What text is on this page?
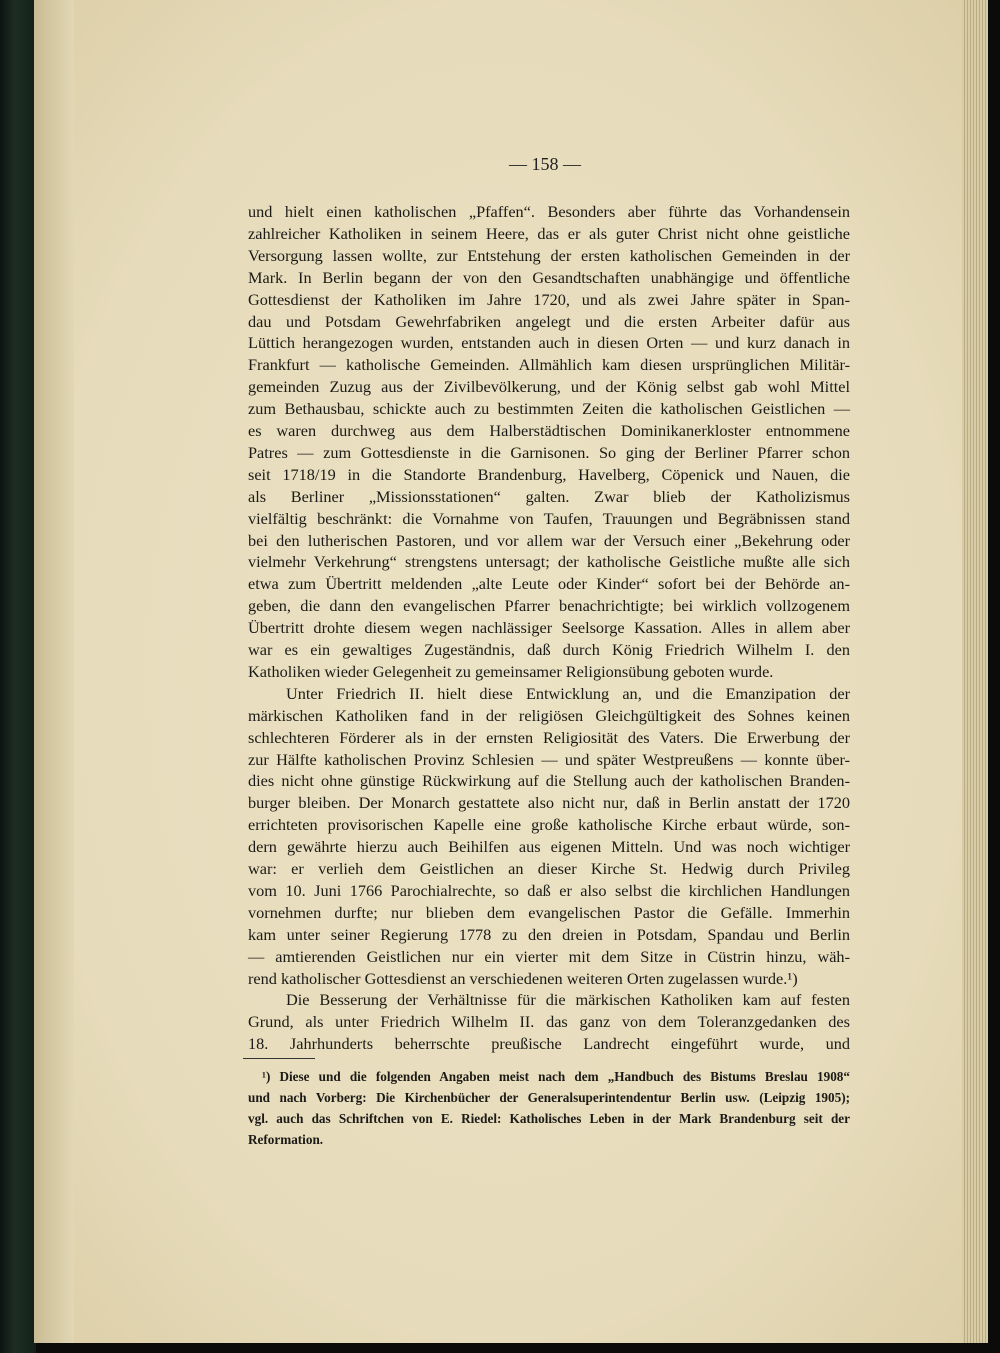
— 158 —
und hielt einen katholischen „Pfaffen“. Besonders aber führte das Vorhandensein
zahlreicher Katholiken in seinem Heere, das er als guter Christ nicht ohne geistliche
Versorgung lassen wollte, zur Entstehung der ersten katholischen Gemeinden in der
Mark. In Berlin begann der von den Gesandtschaften unabhängige und öffentliche
Gottesdienst der Katholiken im Jahre 1720, und als zwei Jahre später in Span-
dau und Potsdam Gewehrfabriken angelegt und die ersten Arbeiter dafür aus
Lüttich herangezogen wurden, entstanden auch in diesen Orten — und kurz danach in
Frankfurt — katholische Gemeinden. Allmählich kam diesen ursprünglichen Militär-
gemeinden Zuzug aus der Zivilbevölkerung, und der König selbst gab wohl Mittel
zum Bethausbau, schickte auch zu bestimmten Zeiten die katholischen Geistlichen —
es waren durchweg aus dem Halberstädtischen Dominikanerkloster entnommene
Patres — zum Gottesdienste in die Garnisonen. So ging der Berliner Pfarrer schon
seit 1718/19 in die Standorte Brandenburg, Havelberg, Cöpenick und Nauen, die
als Berliner „Missionsstationen“ galten. Zwar blieb der Katholizismus
vielfältig beschränkt: die Vornahme von Taufen, Trauungen und Begräbnissen stand
bei den lutherischen Pastoren, und vor allem war der Versuch einer „Bekehrung oder
vielmehr Verkehrung“ strengstens untersagt; der katholische Geistliche mußte alle sich
etwa zum Übertritt meldenden „alte Leute oder Kinder“ sofort bei der Behörde an-
geben, die dann den evangelischen Pfarrer benachrichtigte; bei wirklich vollzogenem
Übertritt drohte diesem wegen nachlässiger Seelsorge Kassation. Alles in allem aber
war es ein gewaltiges Zugeständnis, daß durch König Friedrich Wilhelm I. den
Katholiken wieder Gelegenheit zu gemeinsamer Religionsübung geboten wurde.
Unter Friedrich II. hielt diese Entwicklung an, und die Emanzipation der
märkischen Katholiken fand in der religiösen Gleichgültigkeit des Sohnes keinen
schlechteren Förderer als in der ernsten Religiosität des Vaters. Die Erwerbung der
zur Hälfte katholischen Provinz Schlesien — und später Westpreußens — konnte über-
dies nicht ohne günstige Rückwirkung auf die Stellung auch der katholischen Branden-
burger bleiben. Der Monarch gestattete also nicht nur, daß in Berlin anstatt der 1720
errichteten provisorischen Kapelle eine große katholische Kirche erbaut würde, son-
dern gewährte hierzu auch Beihilfen aus eigenen Mitteln. Und was noch wichtiger
war: er verlieh dem Geistlichen an dieser Kirche St. Hedwig durch Privileg
vom 10. Juni 1766 Parochialrechte, so daß er also selbst die kirchlichen Handlungen
vornehmen durfte; nur blieben dem evangelischen Pastor die Gefälle. Immerhin
kam unter seiner Regierung 1778 zu den dreien in Potsdam, Spandau und Berlin
— amtierenden Geistlichen nur ein vierter mit dem Sitze in Cüstrin hinzu, wäh-
rend katholischer Gottesdienst an verschiedenen weiteren Orten zugelassen wurde.¹)
Die Besserung der Verhältnisse für die märkischen Katholiken kam auf festen
Grund, als unter Friedrich Wilhelm II. das ganz von dem Toleranzgedanken des
18. Jahrhunderts beherrschte preußische Landrecht eingeführt wurde, und
¹) Diese und die folgenden Angaben meist nach dem „Handbuch des Bistums Breslau 1908“
und nach Vorberg: Die Kirchenbücher der Generalsuperintendentur Berlin usw. (Leipzig 1905);
vgl. auch das Schriftchen von E. Riedel: Katholisches Leben in der Mark Brandenburg seit der
Reformation.
